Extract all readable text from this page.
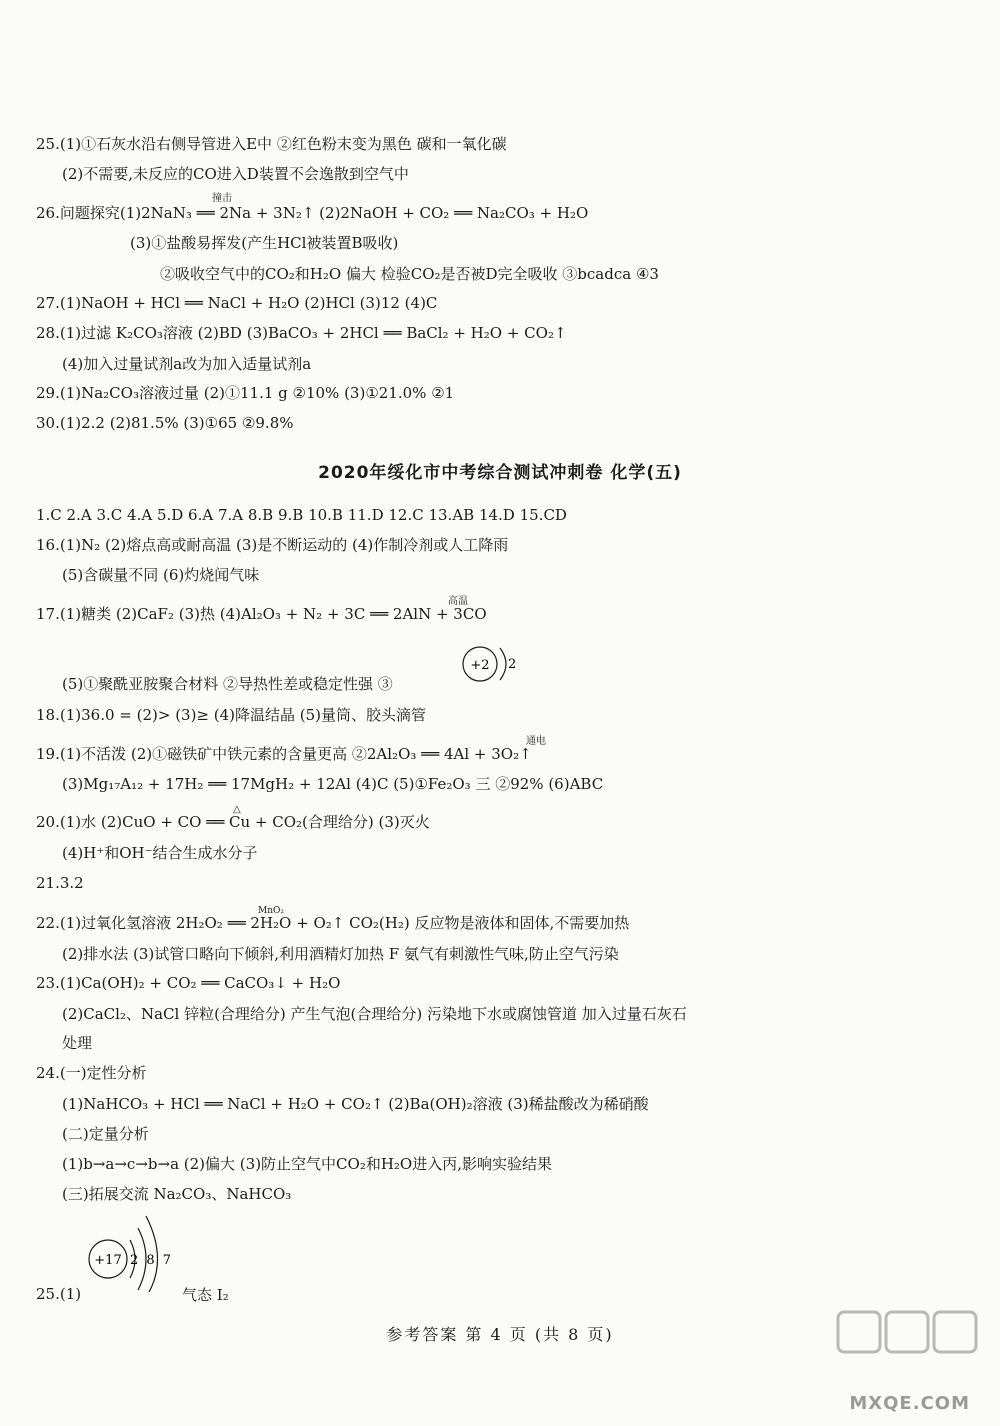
25.(1)①石灰水沿右侧导管进入E中 ②红色粉末变为黑色 碳和一氧化碳
(2)不需要,未反应的CO进入D装置不会逸散到空气中
26.问题探究(1)2NaN₃ ══ 2Na + 3N₂↑ (2)2NaOH + CO₂ ══ Na₂CO₃ + H₂O
撞击
(3)①盐酸易挥发(产生HCl被装置B吸收)
②吸收空气中的CO₂和H₂O 偏大 检验CO₂是否被D完全吸收 ③bcadca ④3
27.(1)NaOH + HCl ══ NaCl + H₂O (2)HCl (3)12 (4)C
28.(1)过滤 K₂CO₃溶液 (2)BD (3)BaCO₃ + 2HCl ══ BaCl₂ + H₂O + CO₂↑
(4)加入过量试剂a改为加入适量试剂a
29.(1)Na₂CO₃溶液过量 (2)①11.1 g ②10% (3)①21.0% ②1
30.(1)2.2 (2)81.5% (3)①65 ②9.8%
2020年绥化市中考综合测试冲刺卷 化学(五)
1.C 2.A 3.C 4.A 5.D 6.A 7.A 8.B 9.B 10.B 11.D 12.C 13.AB 14.D 15.CD
16.(1)N₂ (2)熔点高或耐高温 (3)是不断运动的 (4)作制冷剂或人工降雨
(5)含碳量不同 (6)灼烧闻气味
17.(1)糖类 (2)CaF₂ (3)热 (4)Al₂O₃ + N₂ + 3C ══ 2AlN + 3CO
高温
(5)①聚酰亚胺聚合材料 ②导热性差或稳定性强 ③
+2 2
18.(1)36.0 = (2)> (3)≥ (4)降温结晶 (5)量筒、胶头滴管
19.(1)不活泼 (2)①磁铁矿中铁元素的含量更高 ②2Al₂O₃ ══ 4Al + 3O₂↑
通电
(3)Mg₁₇A₁₂ + 17H₂ ══ 17MgH₂ + 12Al (4)C (5)①Fe₂O₃ 三 ②92% (6)ABC
20.(1)水 (2)CuO + CO ══ Cu + CO₂(合理给分) (3)灭火
△
(4)H⁺和OH⁻结合生成水分子
21.3.2
22.(1)过氧化氢溶液 2H₂O₂ ══ 2H₂O + O₂↑ CO₂(H₂) 反应物是液体和固体,不需要加热
MnO₂
(2)排水法 (3)试管口略向下倾斜,利用酒精灯加热 F 氨气有刺激性气味,防止空气污染
23.(1)Ca(OH)₂ + CO₂ ══ CaCO₃↓ + H₂O
(2)CaCl₂、NaCl 锌粒(合理给分) 产生气泡(合理给分) 污染地下水或腐蚀管道 加入过量石灰石
处理
24.(一)定性分析
(1)NaHCO₃ + HCl ══ NaCl + H₂O + CO₂↑ (2)Ba(OH)₂溶液 (3)稀盐酸改为稀硝酸
(二)定量分析
(1)b→a→c→b→a (2)偏大 (3)防止空气中CO₂和H₂O进入丙,影响实验结果
(三)拓展交流 Na₂CO₃、NaHCO₃
+17 2 8 7
25.(1)	气态 I₂
参考答案 第 4 页 (共 8 页)
MXQE.COM
